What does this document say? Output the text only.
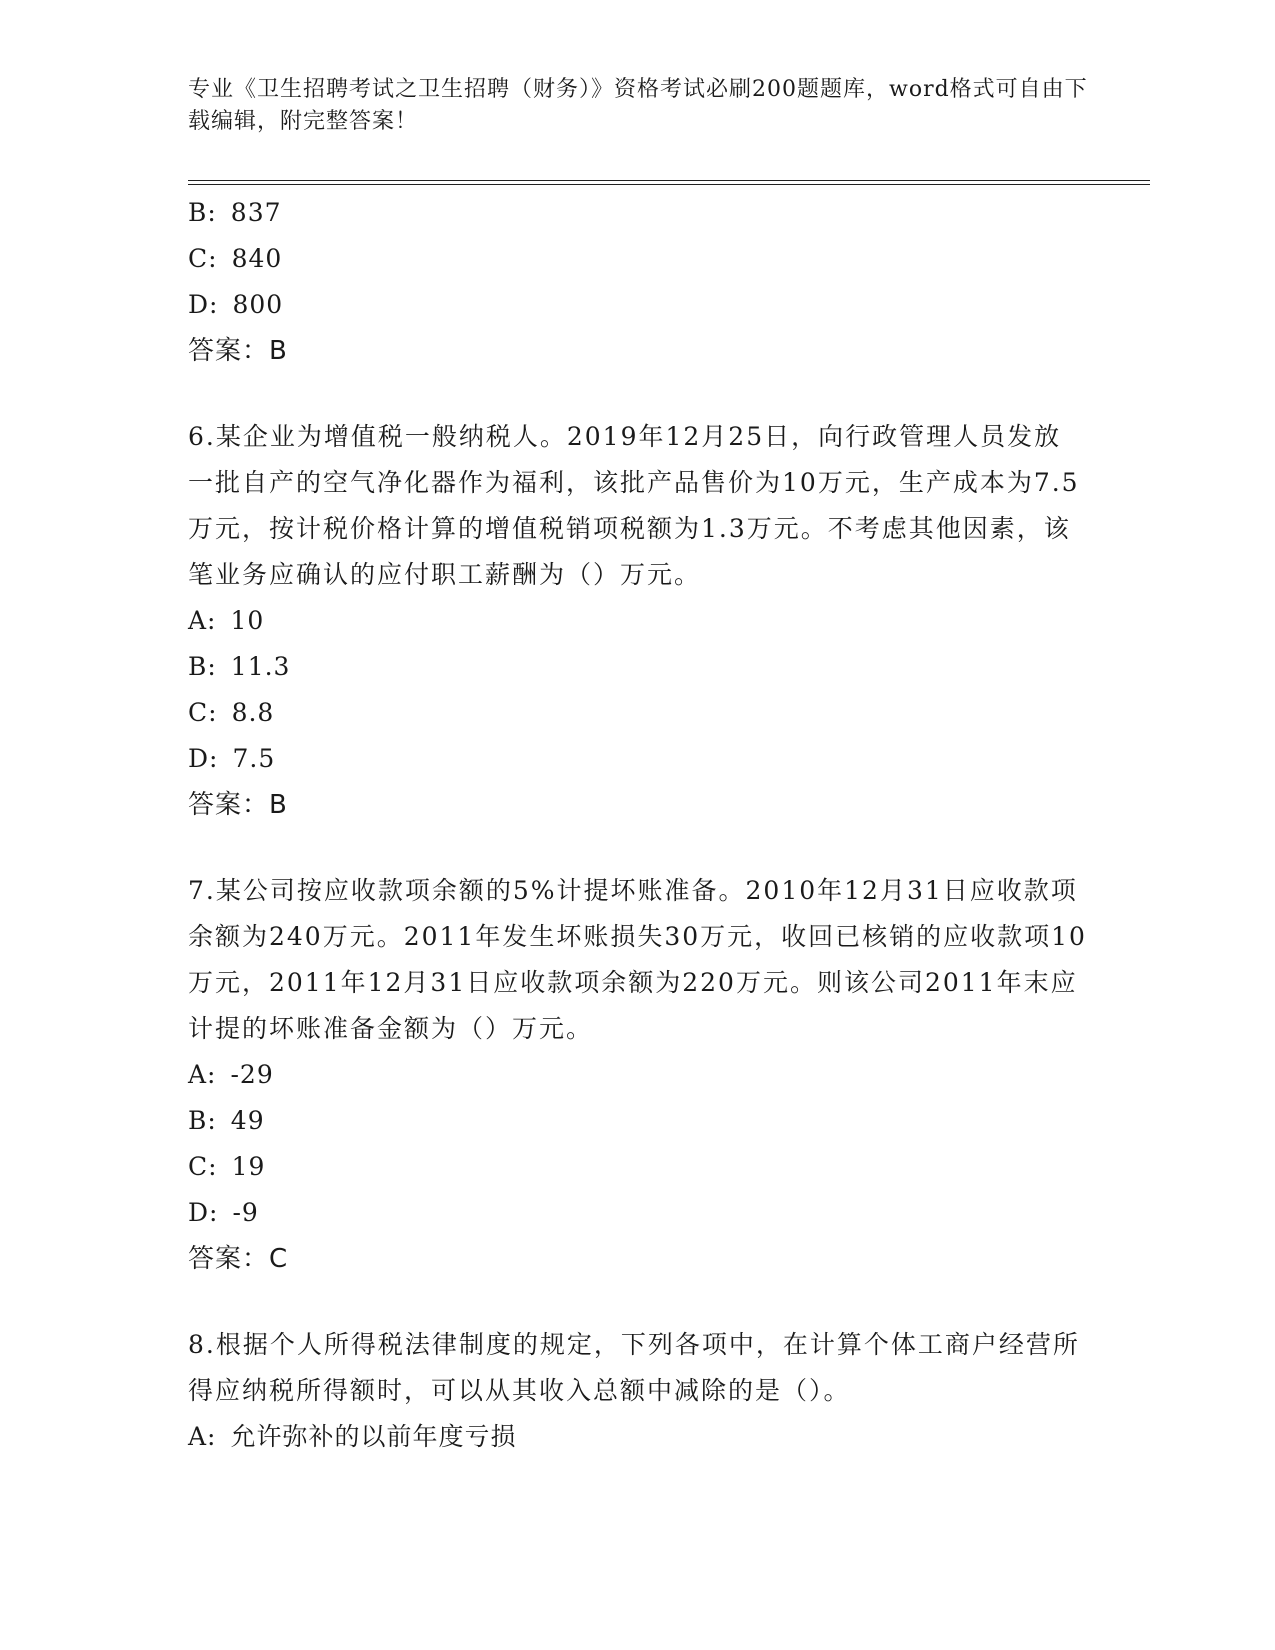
专业《卫生招聘考试之卫生招聘（财务）》资格考试必刷200题题库，word格式可自由下载编辑，附完整答案！
B: 837
C: 840
D: 800
答案：B
6.某企业为增值税一般纳税人。2019年12月25日，向行政管理人员发放一批自产的空气净化器作为福利，该批产品售价为10万元，生产成本为7.5万元，按计税价格计算的增值税销项税额为1.3万元。不考虑其他因素，该笔业务应确认的应付职工薪酬为（）万元。
A: 10
B: 11.3
C: 8.8
D: 7.5
答案：B
7.某公司按应收款项余额的5%计提坏账准备。2010年12月31日应收款项余额为240万元。2011年发生坏账损失30万元，收回已核销的应收款项10万元，2011年12月31日应收款项余额为220万元。则该公司2011年末应计提的坏账准备金额为（）万元。
A: -29
B: 49
C: 19
D: -9
答案：C
8.根据个人所得税法律制度的规定，下列各项中，在计算个体工商户经营所得应纳税所得额时，可以从其收入总额中减除的是（）。
A: 允许弥补的以前年度亏损
